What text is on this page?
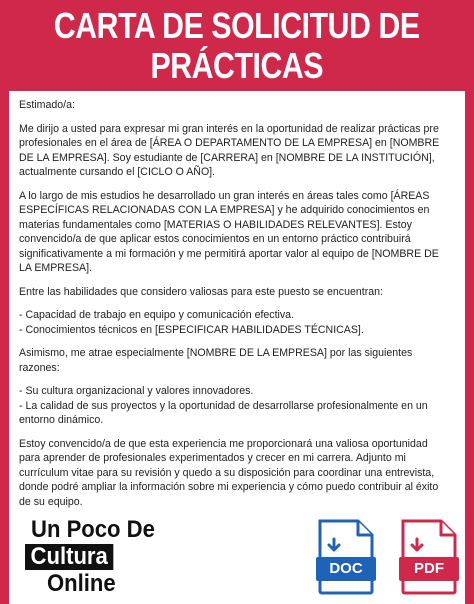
CARTA DE SOLICITUD DE
PRÁCTICAS

Estimado/a:

Me dirijo a usted para expresar mi gran interés en la oportunidad de realizar prácticas pre profesionales en el área de [ÁREA O DEPARTAMENTO DE LA EMPRESA] en [NOMBRE DE LA EMPRESA]. Soy estudiante de [CARRERA] en [NOMBRE DE LA INSTITUCIÓN], actualmente cursando el [CICLO O AÑO].

A lo largo de mis estudios he desarrollado un gran interés en áreas tales como [ÁREAS ESPECÍFICAS RELACIONADAS CON LA EMPRESA] y he adquirido conocimientos en materias fundamentales como [MATERIAS O HABILIDADES RELEVANTES]. Estoy convencido/a de que aplicar estos conocimientos en un entorno práctico contribuirá significativamente a mi formación y me permitirá aportar valor al equipo de [NOMBRE DE LA EMPRESA].

Entre las habilidades que considero valiosas para este puesto se encuentran:

- Capacidad de trabajo en equipo y comunicación efectiva.

- Conocimientos técnicos en [ESPECIFICAR HABILIDADES TÉCNICAS].

Asimismo, me atrae especialmente [NOMBRE DE LA EMPRESA] por las siguientes razones:

- Su cultura organizacional y valores innovadores.

- La calidad de sus proyectos y la oportunidad de desarrollarse profesionalmente en un entorno dinámico.

Estoy convencido/a de que esta experiencia me proporcionará una valiosa oportunidad para aprender de profesionales experimentados y crecer en mi carrera. Adjunto mi currículum vitae para su revisión y quedo a su disposición para coordinar una entrevista, donde podré ampliar la información sobre mi experiencia y cómo puedo contribuir al éxito de su equipo.

Un Poco De
Cultura
Online
DOC	PDF
